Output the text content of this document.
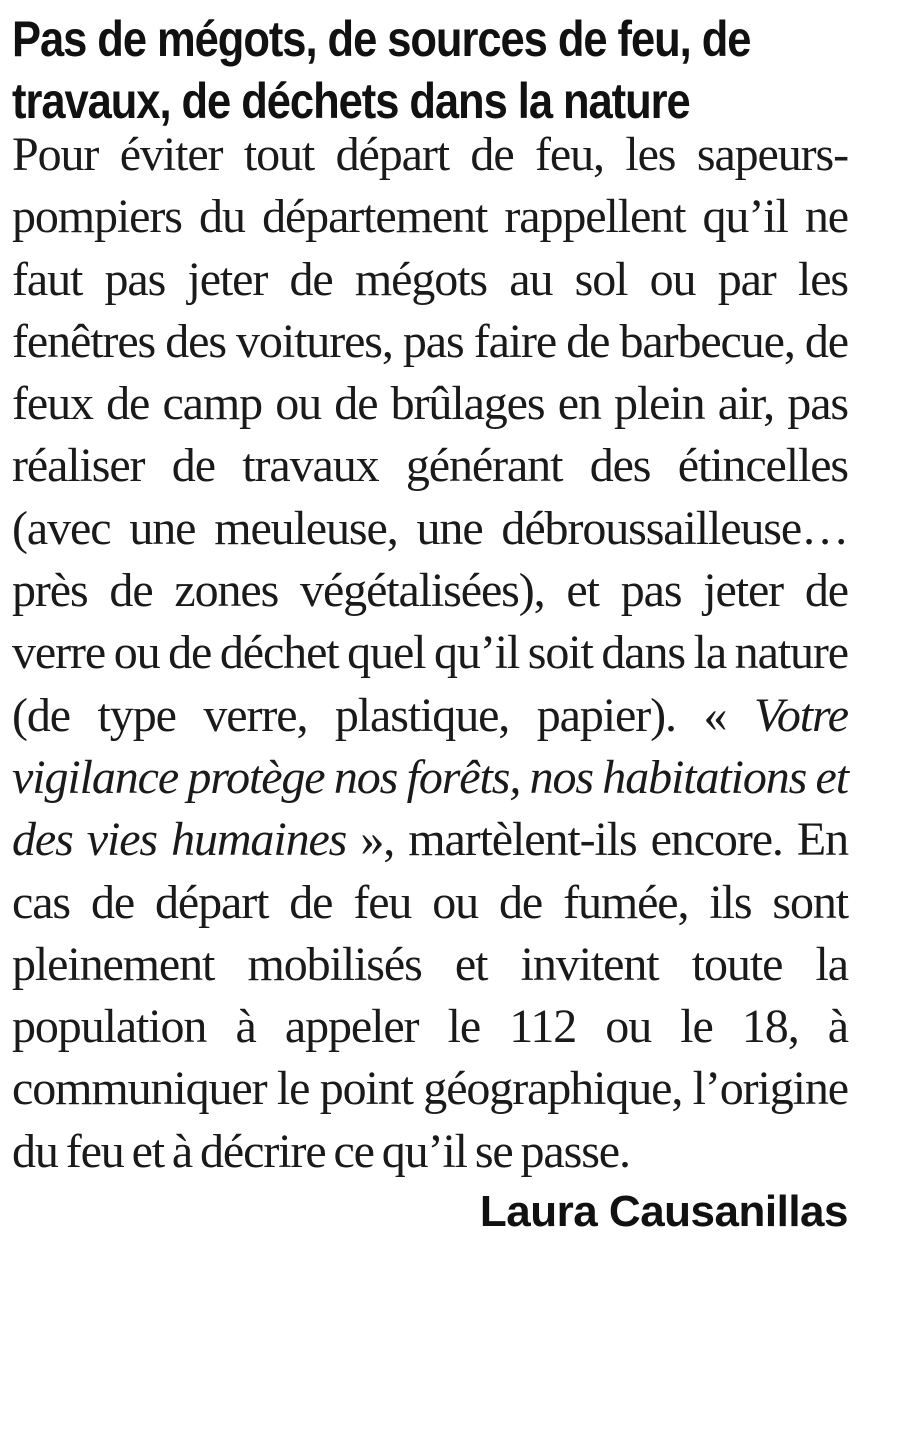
Pas de mégots, de sources de feu, de travaux, de déchets dans la nature

Pour éviter tout départ de feu, les sapeurs-pompiers du département rappellent qu’il ne faut pas jeter de mégots au sol ou par les fenêtres des voitures, pas faire de barbecue, de feux de camp ou de brûlages en plein air, pas réaliser de travaux générant des étincelles (avec une meuleuse, une débroussailleuse… près de zones végétalisées), et pas jeter de verre ou de déchet quel qu’il soit dans la nature (de type verre, plastique, papier). « Votre vigilance protège nos forêts, nos habitations et des vies humaines », martèlent-ils encore. En cas de départ de feu ou de fumée, ils sont pleinement mobilisés et invitent toute la population à appeler le 112 ou le 18, à communiquer le point géographique, l’origine du feu et à décrire ce qu’il se passe.

Laura Causanillas
